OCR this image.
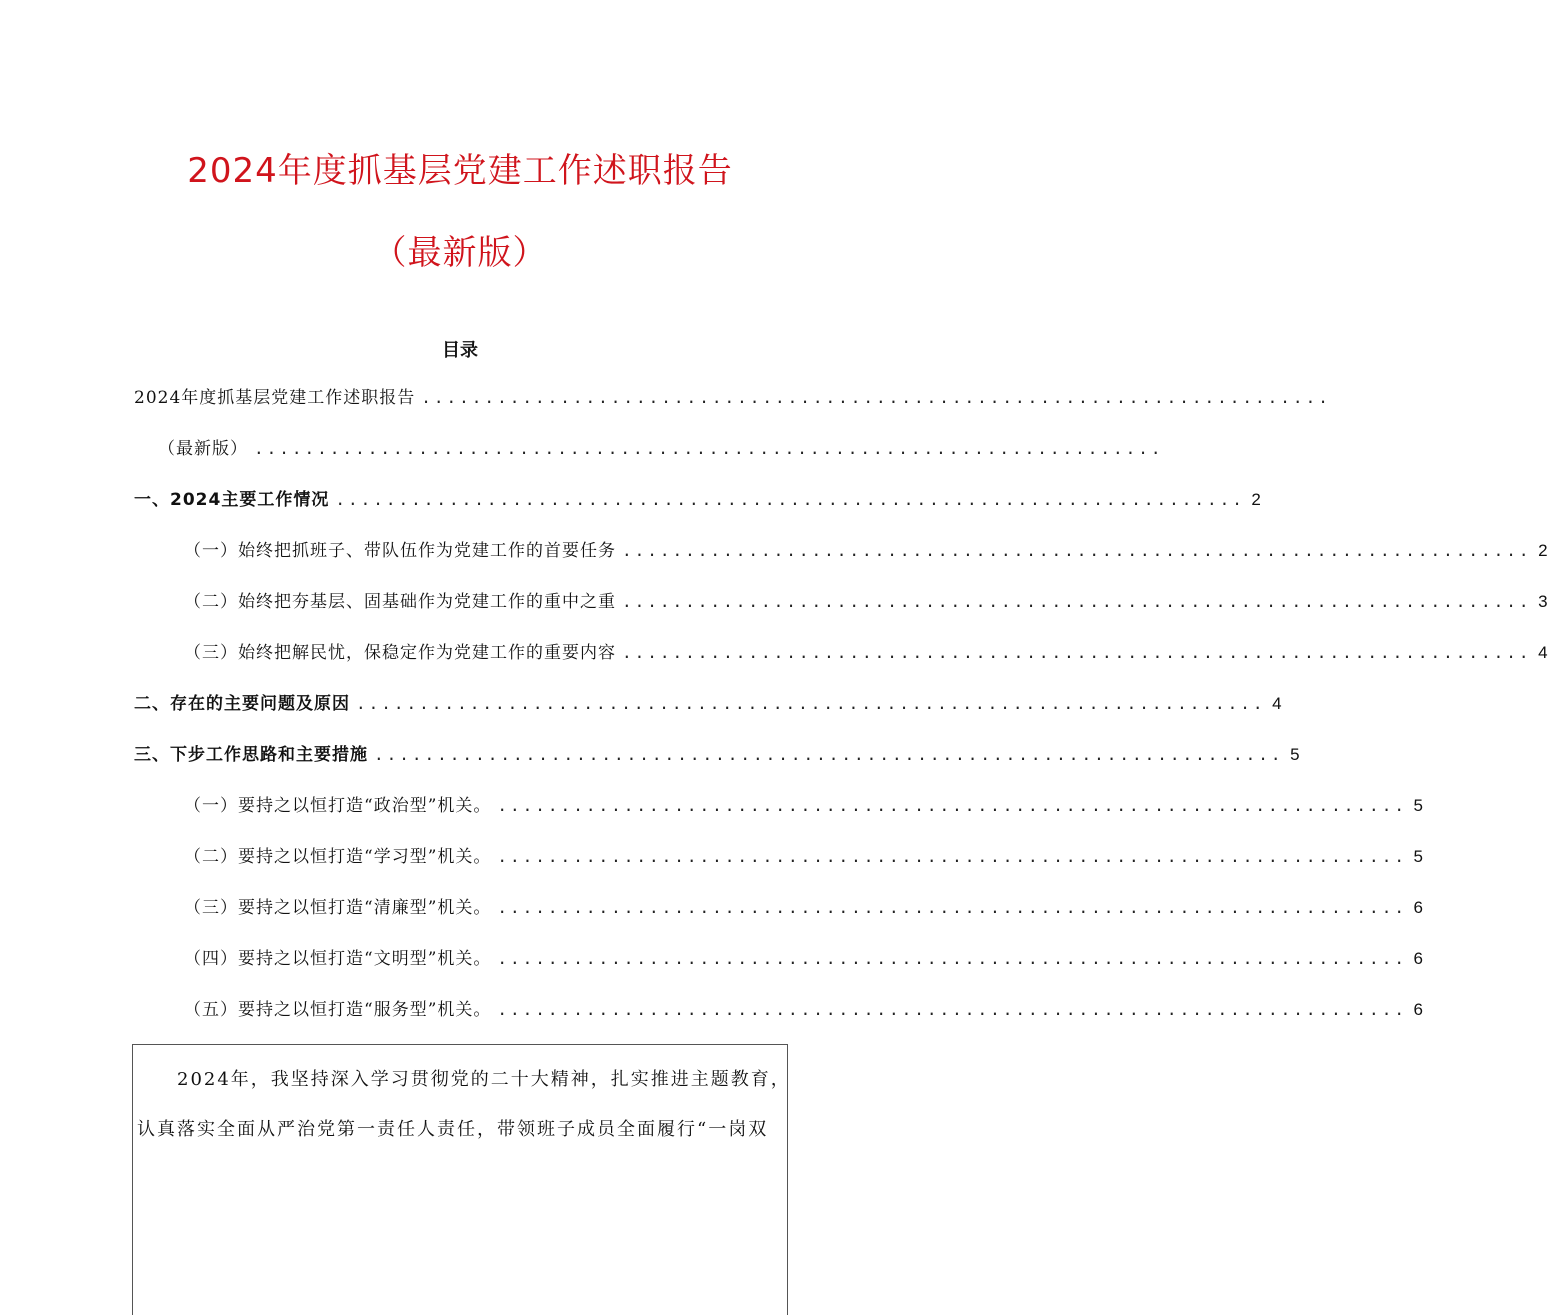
2024年度抓基层党建工作述职报告
（最新版）
目录
2024年度抓基层党建工作述职报告 ........................................................................
（最新版） ........................................................................
一、2024主要工作情况 ........................................................................ 2
（一）始终把抓班子、带队伍作为党建工作的首要任务 ........................................................................ 2
（二）始终把夯基层、固基础作为党建工作的重中之重 ........................................................................ 3
（三）始终把解民忧，保稳定作为党建工作的重要内容 ........................................................................ 4
二、存在的主要问题及原因 ........................................................................ 4
三、下步工作思路和主要措施 ........................................................................ 5
（一）要持之以恒打造“政治型”机关。 ........................................................................ 5
（二）要持之以恒打造“学习型”机关。 ........................................................................ 5
（三）要持之以恒打造“清廉型”机关。 ........................................................................ 6
（四）要持之以恒打造“文明型”机关。 ........................................................................ 6
（五）要持之以恒打造“服务型”机关。 ........................................................................ 6
2024年，我坚持深入学习贯彻党的二十大精神，扎实推进主题教育，
认真落实全面从严治党第一责任人责任，带领班子成员全面履行“一岗双
